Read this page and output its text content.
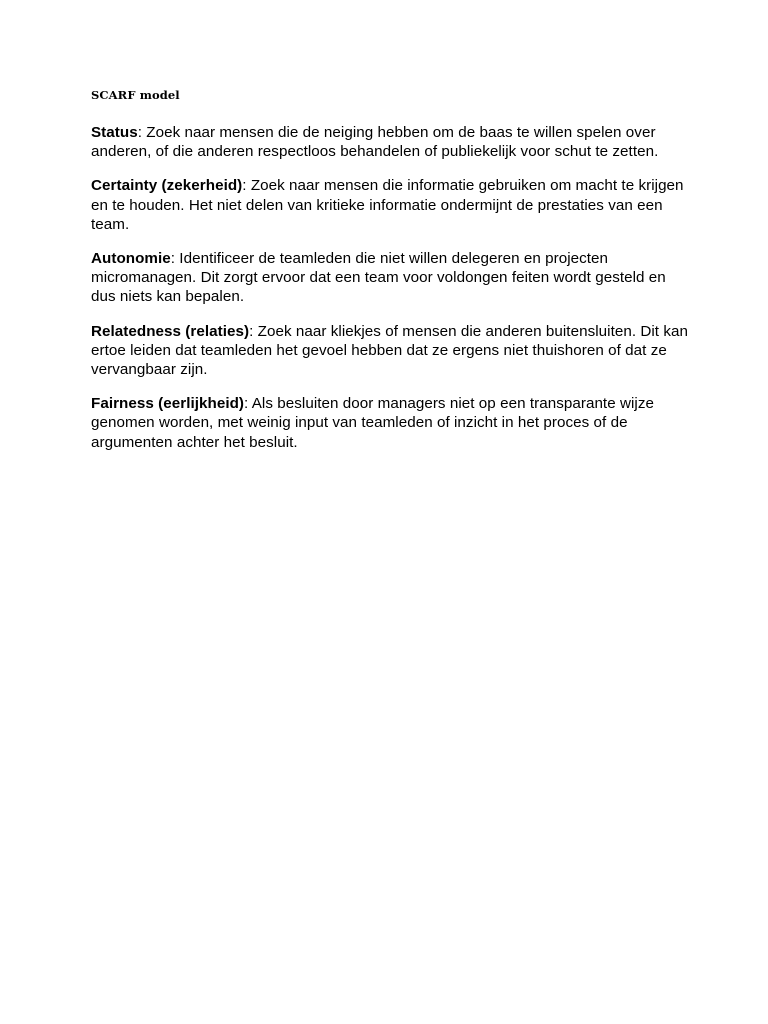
SCARF model

Status: Zoek naar mensen die de neiging hebben om de baas te willen spelen over anderen, of die anderen respectloos behandelen of publiekelijk voor schut te zetten.

Certainty (zekerheid): Zoek naar mensen die informatie gebruiken om macht te krijgen en te houden. Het niet delen van kritieke informatie ondermijnt de prestaties van een team.

Autonomie: Identificeer de teamleden die niet willen delegeren en projecten micromanagen. Dit zorgt ervoor dat een team voor voldongen feiten wordt gesteld en dus niets kan bepalen.

Relatedness (relaties): Zoek naar kliekjes of mensen die anderen buitensluiten. Dit kan ertoe leiden dat teamleden het gevoel hebben dat ze ergens niet thuishoren of dat ze vervangbaar zijn.

Fairness (eerlijkheid): Als besluiten door managers niet op een transparante wijze genomen worden, met weinig input van teamleden of inzicht in het proces of de argumenten achter het besluit.
